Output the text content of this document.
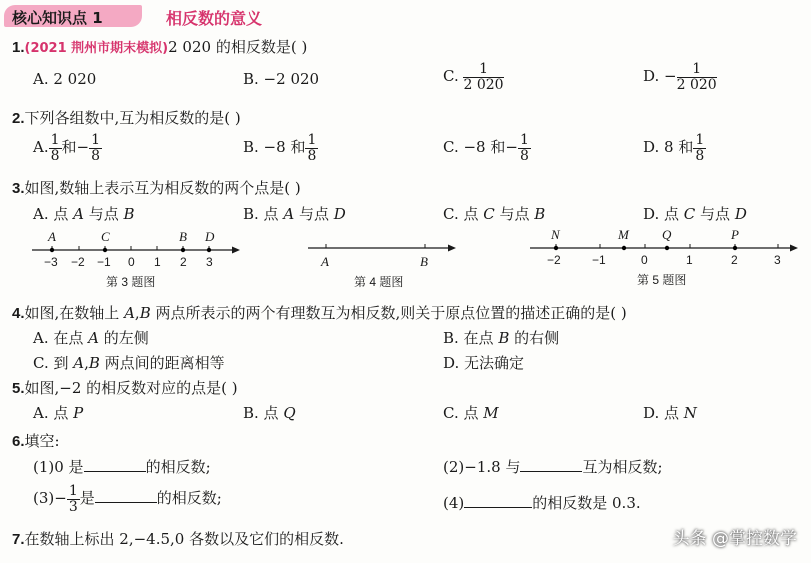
核心知识点 1	相反数的意义
1.(2021 荆州市期末模拟)2 020 的相反数是( )
A. 2 020	B. −2 020	C. $\frac{1}{2 020}$	D. − $\frac{1}{2 020}$
2.下列各组数中,互为相反数的是( )
A. $\frac{1}{8}$ 和− $\frac{1}{8}$	B. −8 和 $\frac{1}{8}$	C. −8 和− $\frac{1}{8}$	D. 8 和 $\frac{1}{8}$
3.如图,数轴上表示互为相反数的两个点是( )
A. 点 A 与点 B	B. 点 A 与点 D	C. 点 C 与点 B	D. 点 C 与点 D
A	C	B D
−3 −2 −1 0 1 2 3
第 3 题图
A	B
第 4 题图
N	M	Q	P
−2	−1	0	1	2	3
第 5 题图
4.如图,在数轴上 A,B 两点所表示的两个有理数互为相反数,则关于原点位置的描述正确的是( )
A. 在点 A 的左侧	B. 在点 B 的右侧
C. 到 A,B 两点间的距离相等	D. 无法确定
5.如图,−2 的相反数对应的点是( )
A. 点 P	B. 点 Q	C. 点 M	D. 点 N
6.填空:
(1)0 是	的相反数;	(2)−1.8 与	互为相反数;
$(3)- \frac{1}{3}$ 是	的相反数;	(4)	的相反数是 0.3.
7.在数轴上标出 2,−4.5,0 各数以及它们的相反数.	头条 @掌控数学
